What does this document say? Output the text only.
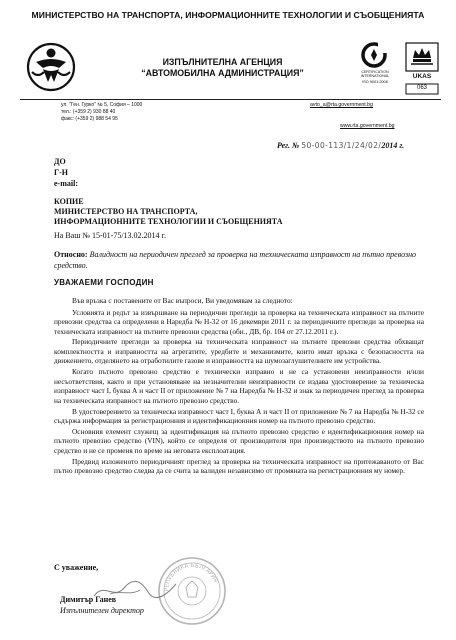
МИНИСТЕРСТВО НА ТРАНСПОРТА, ИНФОРМАЦИОННИТЕ ТЕХНОЛОГИИ И СЪОБЩЕНИЯТА
ИЗПЪЛНИТЕЛНА АГЕНЦИЯ
“АВТОМОБИЛНА АДМИНИСТРАЦИЯ”	CERTIFICATION INTERNATIONAL
ISO 9001:2008
UKAS
063
ул. "Ген. Гурко" № 5, София – 1000
тел.: (+359 2) 930 88 40
факс: (+359 2) 988 54 95
avto_a@rta.government.bg
www.rta.government.bg
Рег. № 50-00-113/1/24/02/2014 г.
ДО
Г-Н
e-mail:
КОПИЕ
МИНИСТЕРСТВО НА ТРАНСПОРТА,
ИНФОРМАЦИОННИТЕ ТЕХНОЛОГИИ И СЪОБЩЕНИЯТА
На Ваш № 15-01-75/13.02.2014 г.
Относно: Валидност на периодичен преглед за проверка на техническата изправност на пътно превозно средство.
УВАЖАЕМИ ГОСПОДИН

Във връзка с поставените от Вас въпроси, Ви уведомявам за следното:

Условията и редът за извършване на периодични прегледи за проверка на техническата изправност на пътните превозни средства са определени в Наредба № Н-32 от 16 декември 2011 г. за периодичните прегледи за проверка на техническата изправност на пътните превозни средства (обн., ДВ, бр. 104 от 27.12.2011 г.).

Периодичните прегледи за проверка на техническата изправност на пътните превозни средства обхващат комплектността и изправността на агрегатите, уредбите и механизмите, които имат връзка с безопасността на движението, отделянето на отработилите газове и изправността на шумозаглушителните им устройства.

Когато пътното превозно средство е технически изправно и не са установени неизправности и/или несъответствия, както и при установяване на незначителни неизправности се издава удостоверение за техническа изправност част I, буква А и част II от приложение № 7 на Наредба № Н-32 и знак за периодичен преглед за проверка на техническата изправност на пътното превозно средство.

В удостоверението за техническа изправност част I, буква А и част II от приложение № 7 на Наредба № Н-32 се съдържа информация за регистрационния и идентификационния номер на пътното превозно средство.

Основния елемент служещ за идентификация на пътното превозно средство е идентификационния номер на пътното превозно средство (VIN), който се определя от производителя при производството на пътното превозно средство и не се променя по време на неговата експлоатация.

Предвид изложеното периодичният преглед за проверка на техническата изправност на притежаваното от Вас пътно превозно средство следва да се счита за валиден независимо от промяната на регистрационния му номер.

С уважение,
РЕПУБЛИКА БЪЛГАРИЯ
Димитър Ганев
Изпълнителен директор
